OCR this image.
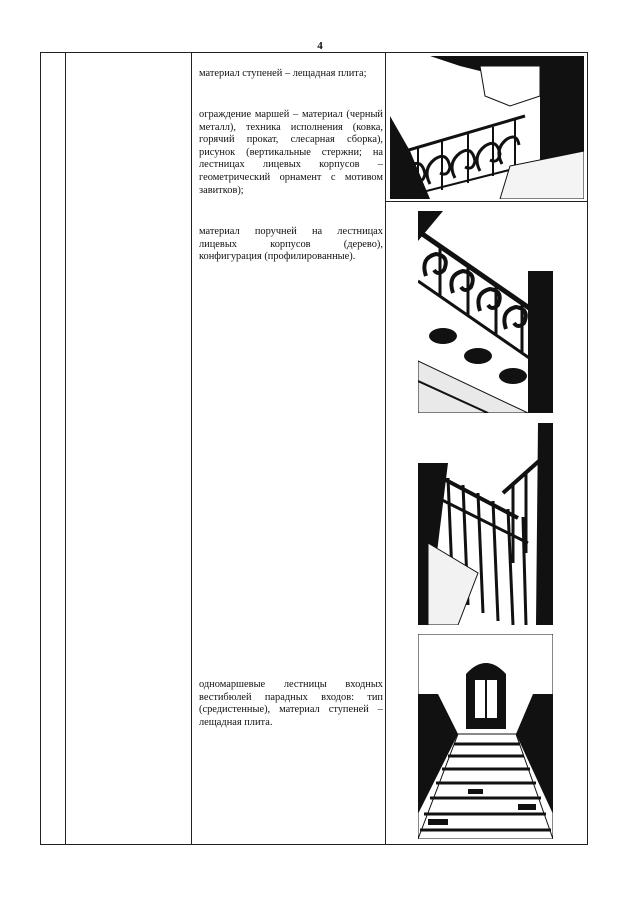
4
материал ступеней – лещадная плита;
ограждение маршей – материал (черный металл), техника исполнения (ковка, горячий прокат, слесарная сборка), рисунок (вертикальные стержни; на лестницах лицевых корпусов – геометрический орнамент с мотивом завитков);
материал поручней на лестницах лицевых корпусов (дерево), конфигурация (профилированные).
одномаршевые лестницы входных вестибюлей парадных входов: тип (средистенные), материал ступеней – лещадная плита.
